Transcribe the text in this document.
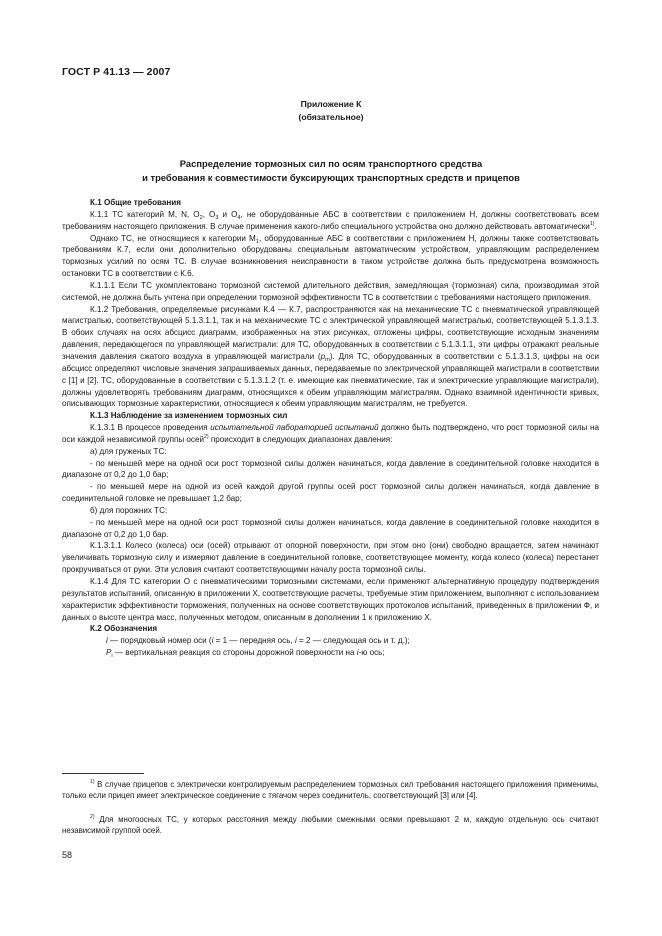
ГОСТ Р 41.13 — 2007
Приложение К
(обязательное)
Распределение тормозных сил по осям транспортного средства
и требования к совместимости буксирующих транспортных средств и прицепов

К.1 Общие требования

К.1.1 ТС категорий M, N, $O_2$, $O_3$ и $O_4$, не оборудованные АБС в соответствии с приложением Н, должны соответствовать всем требованиям настоящего приложения. В случае применения какого-либо специального устройства оно должно действовать автоматически$^{1)}$.

Однако ТС, не относящиеся к категории $M_1$, оборудованные АБС в соответствии с приложением Н, должны также соответствовать требованиям К.7, если они дополнительно оборудованы специальным автоматическим устройством, управляющим распределением тормозных усилий по осям ТС. В случае возникновения неисправности в таком устройстве должна быть предусмотрена возможность остановки ТС в соответствии с К.6.

К.1.1.1 Если ТС укомплектовано тормозной системой длительного действия, замедляющая (тормозная) сила, производимая этой системой, не должна быть учтена при определении тормозной эффективности ТС в соответствии с требованиями настоящего приложения.

К.1.2 Требования, определяемые рисунками К.4 — К.7, распространяются как на механические ТС с пневматической управляющей магистралью, соответствующей 5.1.3.1.1, так и на механические ТС с электрической управляющей магистралью, соответствующей 5.1.3.1.3. В обоих случаях на осях абсцисс диаграмм, изображенных на этих рисунках, отложены цифры, соответствующие исходным значениям давления, передающегося по управляющей магистрали: для ТС, оборудованных в соответствии с 5.1.3.1.1, эти цифры отражают реальные значения давления сжатого воздуха в управляющей магистрали $(p_m)$. Для ТС, оборудованных в соответствии с 5.1.3.1.3, цифры на оси абсцисс определяют числовые значения запрашиваемых данных, передаваемые по электрической управляющей магистрали в соответствии с [1] и [2]. ТС, оборудованные в соответствии с 5.1.3.1.2 (т. е. имеющие как пневматические, так и электрические управляющие магистрали), должны удовлетворять требованиям диаграмм, относящихся к обеим управляющим магистралям. Однако взаимной идентичности кривых, описывающих тормозные характеристики, относящиеся к обеим управляющим магистралям, не требуется.

К.1.3 Наблюдение за изменением тормозных сил

К.1.3.1 В процессе проведения испытательной лабораторией испытаний должно быть подтверждено, что рост тормозной силы на оси каждой независимой группы осей$^{2)}$ происходит в следующих диапазонах давления:

а) для груженых ТС:

- по меньшей мере на одной оси рост тормозной силы должен начинаться, когда давление в соединительной головке находится в диапазоне от 0,2 до 1,0 бар;

- по меньшей мере на одной из осей каждой другой группы осей рост тормозной силы должен начинаться, когда давление в соединительной головке не превышает 1,2 бар;

б) для порожних ТС:

- по меньшей мере на одной оси рост тормозной силы должен начинаться, когда давление в соединительной головке находится в диапазоне от 0,2 до 1,0 бар.

К.1.3.1.1 Колесо (колеса) оси (осей) отрывают от опорной поверхности, при этом оно (они) свободно вращается, затем начинают увеличивать тормозную силу и измеряют давление в соединительной головке, соответствующее моменту, когда колесо (колеса) перестанет прокручиваться от руки. Эти условия считают соответствующими началу роста тормозной силы.

К.1.4 Для ТС категории O с пневматическими тормозными системами, если применяют альтернативную процедуру подтверждения результатов испытаний, описанную в приложении Х, соответствующие расчеты, требуемые этим приложением, выполняют с использованием характеристик эффективности торможения, полученных на основе соответствующих протоколов испытаний, приведенных в приложении Ф, и данных о высоте центра масс, полученных методом, описанным в дополнении 1 к приложению Х.

К.2 Обозначения

i — порядковый номер оси (i = 1 — передняя ось, i = 2 — следующая ось и т. д.);

$P_i$ — вертикальная реакция со стороны дорожной поверхности на i-ю ось;

$^{1)}$ В случае прицепов с электрически контролируемым распределением тормозных сил требования настоящего приложения применимы, только если прицеп имеет электрическое соединение с тягачом через соединитель, соответствующий [3] или [4].

$^{2)}$ Для многоосных ТС, у которых расстояния между любыми смежными осями превышают 2 м, каждую отдельную ось считают независимой группой осей.

58
